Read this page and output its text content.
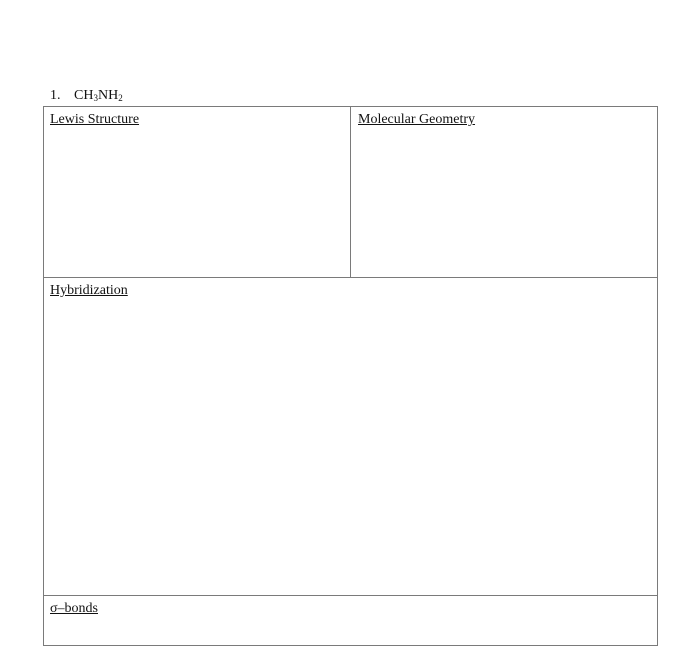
1. $CH_3NH_2$
Lewis Structure	Molecular Geometry
Hybridization
σ–bonds
